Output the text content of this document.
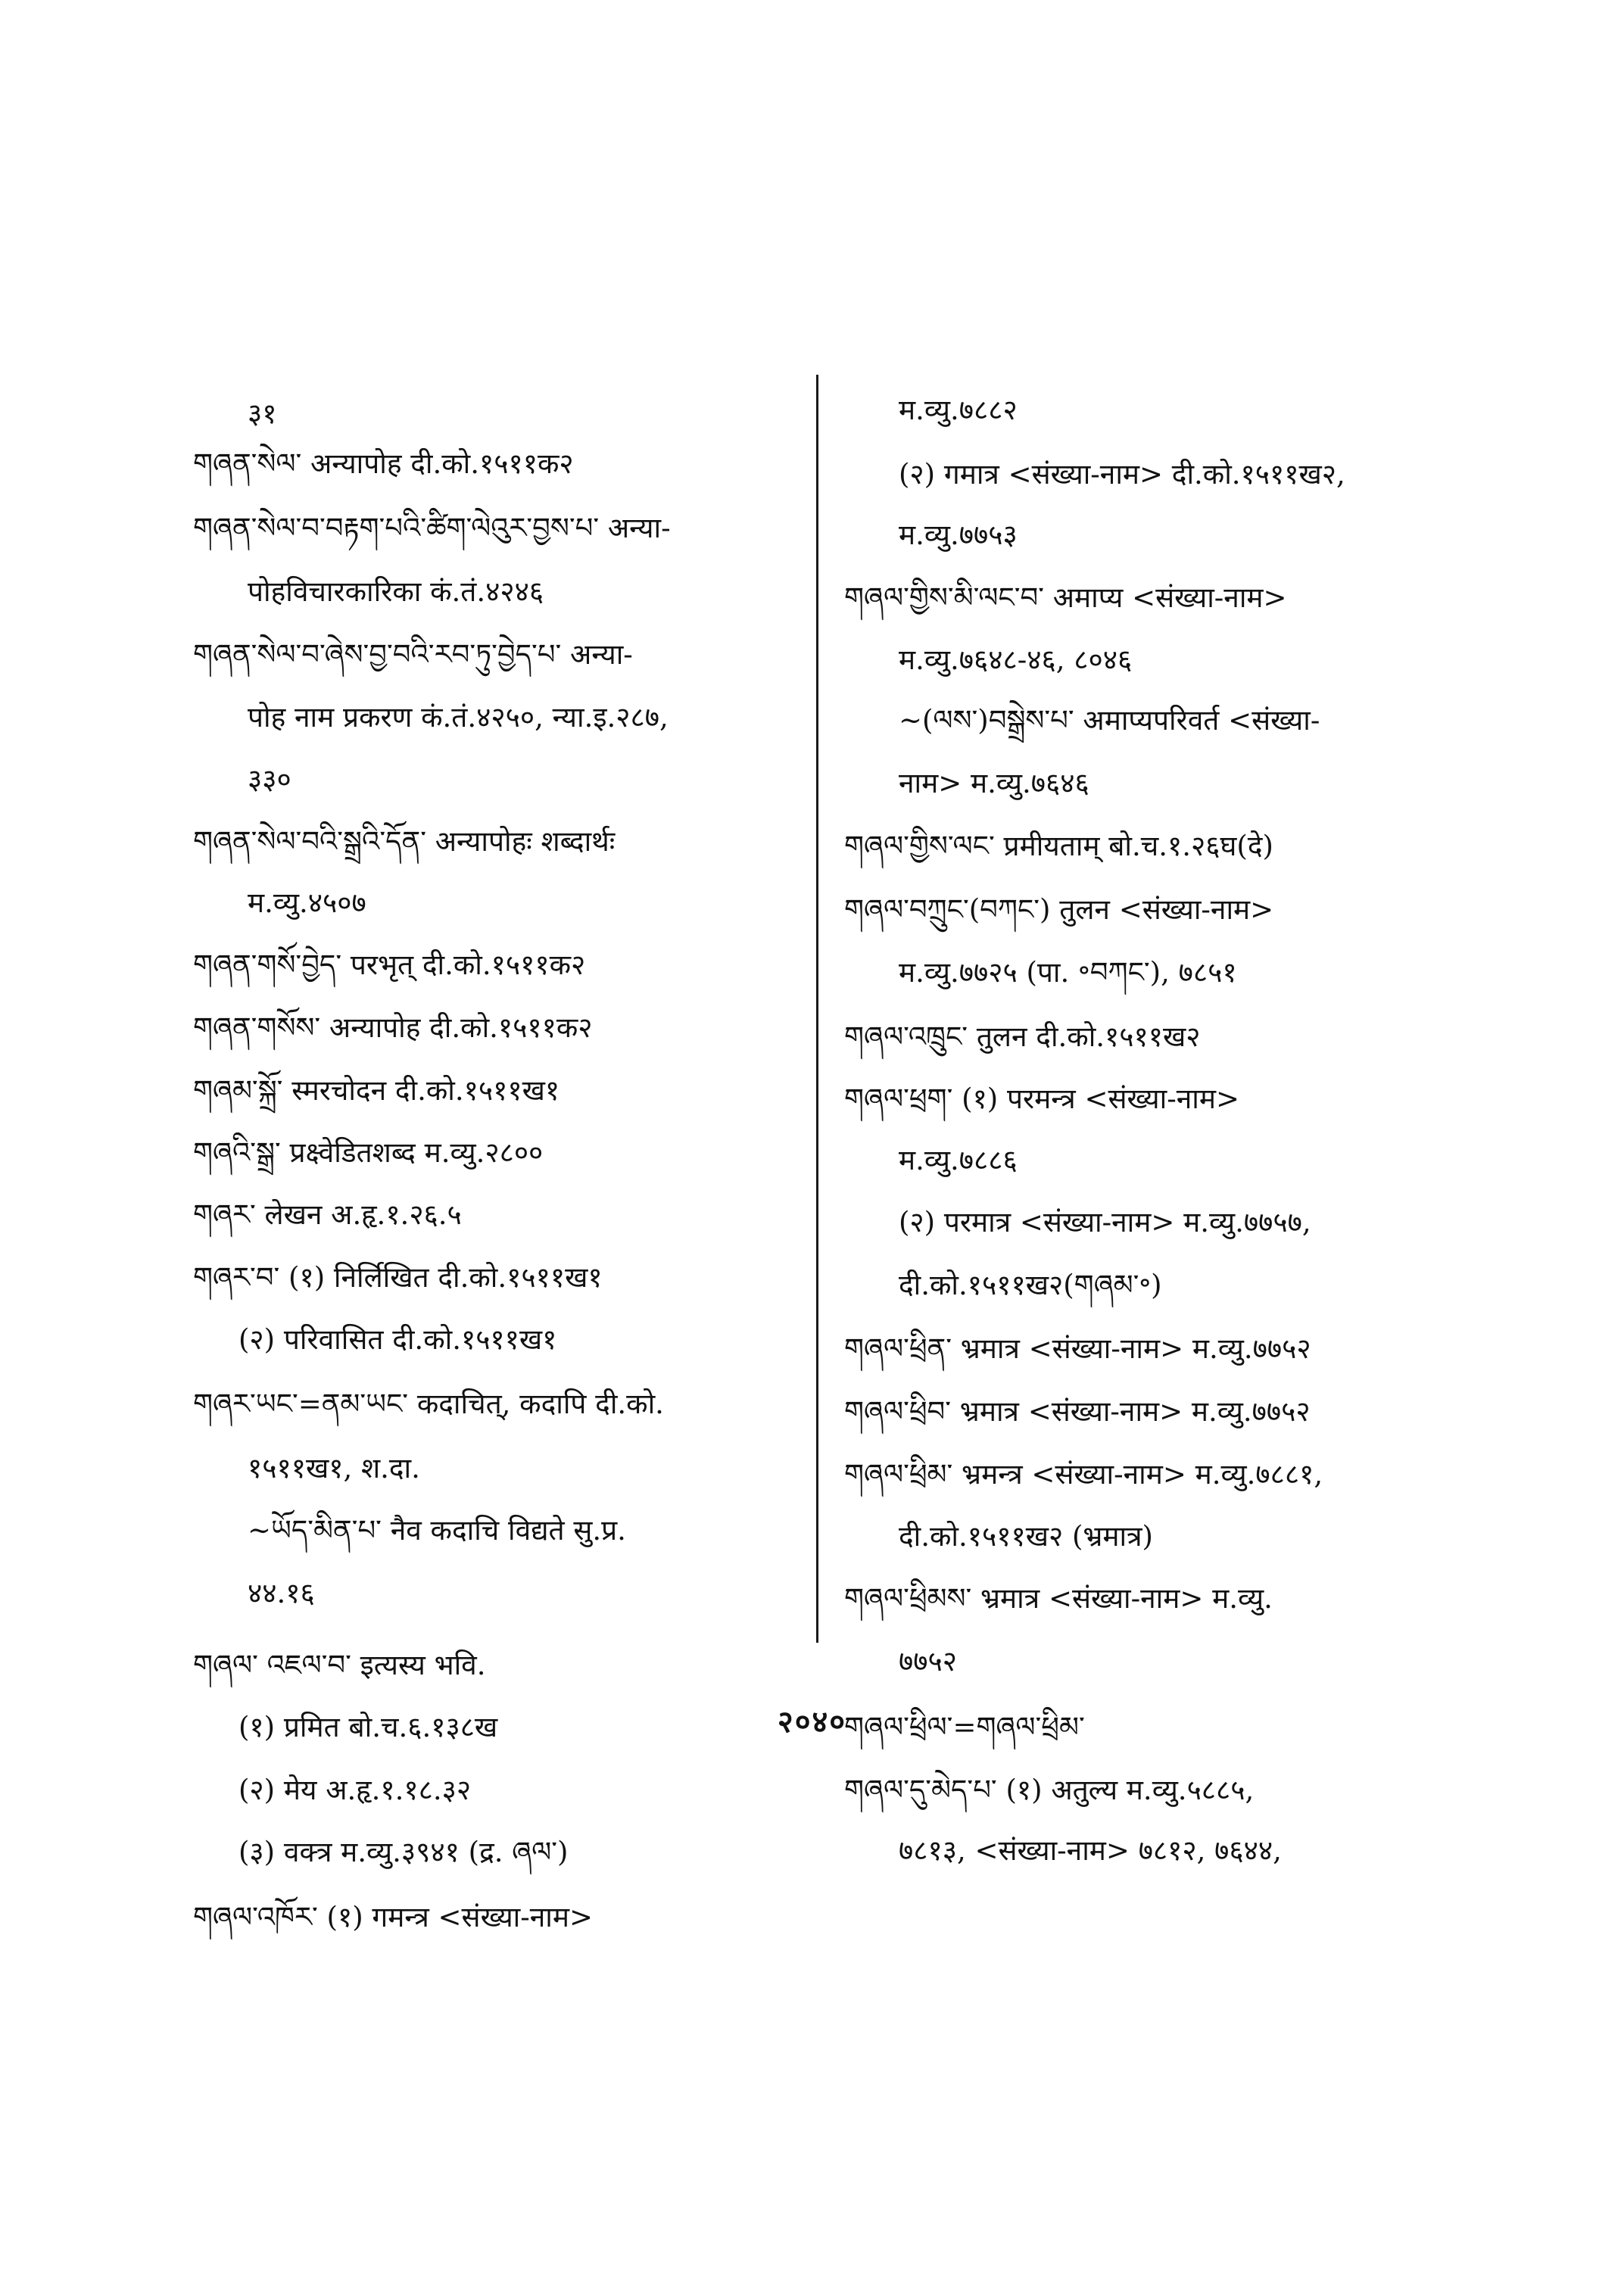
३१
གཞན་སེལ་ अन्यापोह दी.को.१५११क२
གཞན་སེལ་བ་བརྟག་པའི་ཚིག་ལེའུར་བྱས་པ་ अन्या-
पोहविचारकारिका कं.तं.४२४६
གཞན་སེལ་བ་ཞེས་བྱ་བའི་རབ་ཏུ་བྱེད་པ་ अन्या-
पोह नाम प्रकरण कं.तं.४२५०, न्या.इ.२८७,
३३०
གཞན་སེལ་བའི་སྒྲའི་དོན་ अन्यापोहः शब्दार्थः
म.व्यु.४५०७
གཞན་གསོ་བྱེད་ परभृत् दी.को.१५११क२
གཞན་གསོས་ अन्यापोह दी.को.१५११क२
གཞམ་སྐྲོ་ स्मरचोदन दी.को.१५११ख१
གཞའི་སྒྲ་ प्रक्ष्वेडितशब्द म.व्यु.२८००
གཞར་ लेखन अ.हृ.१.२६.५
གཞར་བ་ (१) निर्लिखित दी.को.१५११ख१
(२) परिवासित दी.को.१५११ख१
གཞར་ཡང་=ནམ་ཡང་ कदाचित्, कदापि दी.को.
१५११ख१, श.दा.
~ཡོད་མིན་པ་ नैव कदाचि विद्यते सु.प्र.
४४.१६
གཞལ་ འཇལ་བ་ इत्यस्य भवि.
(१) प्रमित बो.च.६.१३८ख
(२) मेय अ.हृ.१.१८.३२
(३) वक्त्र म.व्यु.३९४१ (द्र. ཞལ་)
གཞལ་འཁོར་ (१) गमन्त्र <संख्या-नाम>
म.व्यु.७८८२
(२) गमात्र <संख्या-नाम> दी.को.१५११ख२,
म.व्यु.७७५३
གཞལ་གྱིས་མི་ལང་བ་ अमाप्य <संख्या-नाम>
म.व्यु.७६४८-४६, ८०४६
~(ལས་)བསྒྲེས་པ་ अमाप्यपरिवर्त <संख्या-
नाम> म.व्यु.७६४६
གཞལ་གྱིས་ལང་ प्रमीयताम् बो.च.१.२६घ(दे)
གཞལ་བཀྲུང་(བཀང་) तुलन <संख्या-नाम>
म.व्यु.७७२५ (पा. ॰བཀང་), ७८५१
གཞལ་འཁྲུང་ तुलन दी.को.१५११ख२
གཞལ་ཕྲག་ (१) परमन्त्र <संख्या-नाम>
म.व्यु.७८८६
(२) परमात्र <संख्या-नाम> म.व्यु.७७५७,
दी.को.१५११ख२(གཞམ་॰)
གཞལ་ཕྲིན་ भ्रमात्र <संख्या-नाम> म.व्यु.७७५२
གཞལ་ཕྲིབ་ भ्रमात्र <संख्या-नाम> म.व्यु.७७५२
གཞལ་ཕྲིམ་ भ्रमन्त्र <संख्या-नाम> म.व्यु.७८८१,
दी.को.१५११ख२ (भ्रमात्र)
གཞལ་ཕྲིམས་ भ्रमात्र <संख्या-नाम> म.व्यु.
७७५२
གཞལ་ཕྲིལ་=གཞལ་ཕྲིམ་
གཞལ་དུ་མེད་པ་ (१) अतुल्य म.व्यु.५८८५,
७८१३, <संख्या-नाम> ७८१२, ७६४४,
२०४०
